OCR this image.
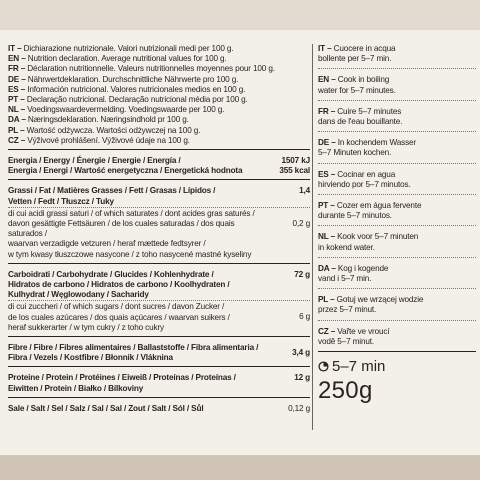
IT – Dichiarazione nutrizionale. Valori nutrizionali medi per 100 g.
EN – Nutrition declaration. Average nutritional values for 100 g.
FR – Déclaration nutritionnelle. Valeurs nutritionnelles moyennes pour 100 g.
DE – Nährwertdeklaration. Durchschnittliche Nährwerte pro 100 g.
ES – Información nutricional. Valores nutricionales medios en 100 g.
PT – Declaração nutricional. Declaração nutricional média por 100 g.
NL – Voedingswaardevermelding. Voedingswaarde per 100 g.
DA – Næringsdeklaration. Næringsindhold pr 100 g.
PL – Wartość odżywcza. Wartości odżywczej na 100 g.
CZ – Výživové prohlášení. Výživové údaje na 100 g.
Energia / Energy / Énergie / Energie / Energía /
Energia / Energi / Wartość energetyczna / Energetická hodnota
1507 kJ
355 kcal
Grassi / Fat / Matières Grasses / Fett / Grasas / Lípidos /
Vetten / Fedt / Tłuszcz / Tuky
1,4
di cui acidi grassi saturi / of which saturates / dont acides gras saturés /
davon gesättigte Fettsäuren / de los cuales saturadas / dos quais saturados /
waarvan verzadigde vetzuren / heraf mættede fedtsyrer /
w tym kwasy tłuszczowe nasycone / z toho nasycené mastné kyseliny
0,2 g
Carboidrati / Carbohydrate / Glucides / Kohlenhydrate /
Hidratos de carbono / Hidratos de carbono / Koolhydraten /
Kulhydrat / Węglowodany / Sacharidy
72 g
di cui zuccheri / of which sugars / dont sucres / davon Zucker /
de los cuales azúcares / dos quais açúcares / waarvan suikers /
heraf sukkerarter / w tym cukry / z toho cukry
6 g
Fibre / Fibre / Fibres alimentaires / Ballaststoffe / Fibra alimentaria /
Fibra / Vezels / Kostfibre / Błonnik / Vláknina
3,4 g
Proteine / Protein / Protéines / Eiweiß / Proteínas / Proteínas /
Eiwitten / Protein / Białko / Bílkoviny
12 g
Sale / Salt / Sel / Salz / Sal / Sal / Zout / Salt / Sól / Sůl	0,12 g
IT – Cuocere in acqua
bollente per 5–7 min.
EN – Cook in boiling
water for 5–7 minutes.
FR – Cuire 5–7 minutes
dans de l'eau bouillante.
DE – In kochendem Wasser
5–7 Minuten kochen.
ES – Cocinar en agua
hirviendo por 5–7 minutos.
PT – Cozer em água fervente
durante 5–7 minutos.
NL – Kook voor 5–7 minuten
in kokend water.
DA – Kog i kogende
vand i 5–7 min.
PL – Gotuj we wrzącej wodzie
przez 5–7 minut.
CZ – Vařte ve vroucí
vodě 5–7 minut.
5–7 min
250g
